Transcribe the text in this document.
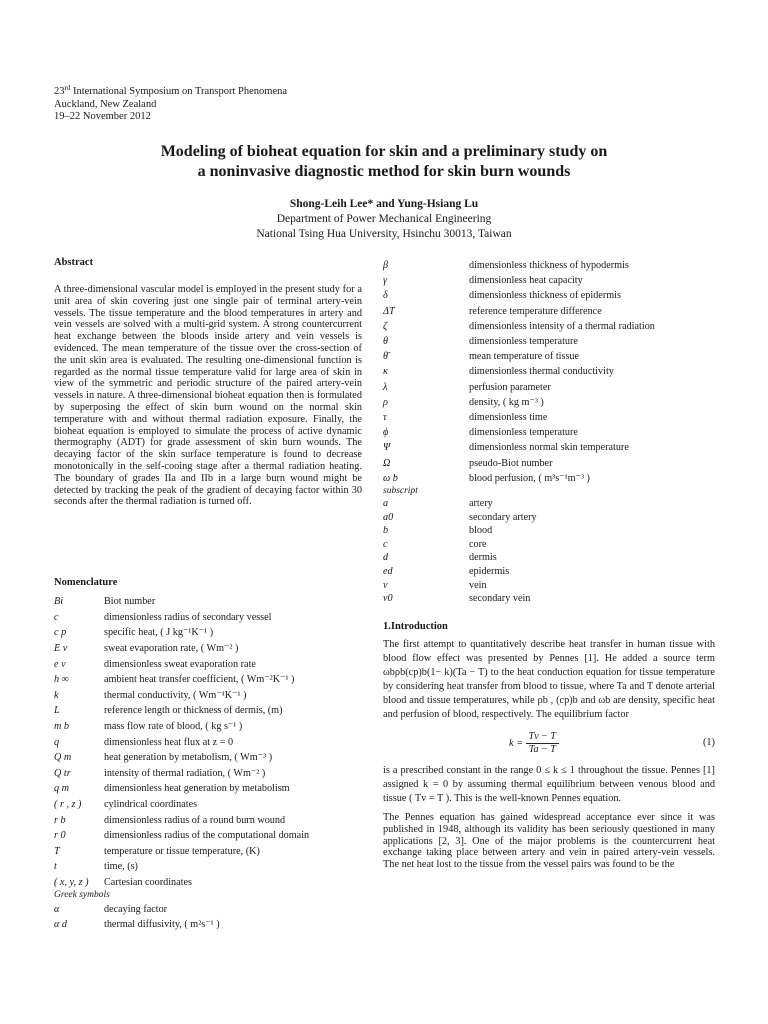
23rd International Symposium on Transport Phenomena
Auckland, New Zealand
19–22 November 2012
Modeling of bioheat equation for skin and a preliminary study on
a noninvasive diagnostic method for skin burn wounds
Shong-Leih Lee* and Yung-Hsiang Lu
Department of Power Mechanical Engineering
National Tsing Hua University, Hsinchu 30013, Taiwan
Abstract
A three-dimensional vascular model is employed in the present study for a unit area of skin covering just one single pair of terminal artery-vein vessels. The tissue temperature and the blood temperatures in artery and vein vessels are solved with a multi-grid system. A strong countercurrent heat exchange between the bloods inside artery and vein vessels is evidenced. The mean temperature of the tissue over the cross-section of the unit skin area is evaluated. The resulting one-dimensional function is regarded as the normal tissue temperature valid for large area of skin in view of the symmetric and periodic structure of the paired artery-vein vessels in nature. A three-dimensional bioheat equation then is formulated by superposing the effect of skin burn wound on the normal skin temperature with and without thermal radiation exposure. Finally, the bioheat equation is employed to simulate the process of active dynamic thermography (ADT) for grade assessment of skin burn wounds. The decaying factor of the skin surface temperature is found to decrease monotonically in the self-cooing stage after a thermal radiation heating. The boundary of grades IIa and IIb in a large burn wound might be detected by tracking the peak of the gradient of decaying factor within 30 seconds after the thermal radiation is turned off.
Nomenclature
Bi	Biot number
c	dimensionless radius of secondary vessel
c p	specific heat, ( J kg⁻¹K⁻¹ )
E v	sweat evaporation rate, ( Wm⁻² )
e v	dimensionless sweat evaporation rate
h ∞	ambient heat transfer coefficient, ( Wm⁻²K⁻¹ )
k	thermal conductivity, ( Wm⁻¹K⁻¹ )
L	reference length or thickness of dermis, (m)
m b	mass flow rate of blood, ( kg s⁻¹ )
q	dimensionless heat flux at z = 0
Q m	heat generation by metabolism, ( Wm⁻³ )
Q tr	intensity of thermal radiation, ( Wm⁻² )
q m	dimensionless heat generation by metabolism
( r , z )	cylindrical coordinates
r b	dimensionless radius of a round burn wound
r 0	dimensionless radius of the computational domain
T	temperature or tissue temperature, (K)
t	time, (s)
( x, y, z )	Cartesian coordinates
Greek symbols
α	decaying factor
α d	thermal diffusivity, ( m²s⁻¹ )
β	dimensionless thickness of hypodermis
γ	dimensionless heat capacity
δ	dimensionless thickness of epidermis
ΔT	reference temperature difference
ζ	dimensionless intensity of a thermal radiation
θ	dimensionless temperature
θ̄	mean temperature of tissue
κ	dimensionless thermal conductivity
λ	perfusion parameter
ρ	density, ( kg m⁻³ )
τ	dimensionless time
ϕ	dimensionless temperature
Ψ	dimensionless normal skin temperature
Ω	pseudo-Biot number
ω b	blood perfusion, ( m³s⁻¹m⁻³ )
subscript
a	artery
a0	secondary artery
b	blood
c	core
d	dermis
ed	epidermis
v	vein
v0	secondary vein
1.Introduction

The first attempt to quantitatively describe heat transfer in human tissue with blood flow effect was presented by Pennes [1]. He added a source term ωbρb(cp)b(1− k)(Ta − T) to the heat conduction equation for tissue temperature by considering heat transfer from blood to tissue, where Ta and T denote arterial blood and tissue temperatures, while ρb , (cp)b and ωb are density, specific heat and perfusion of blood, respectively. The equilibrium factor

$k = \frac{Tv - T}{Ta - T}$	(1)

is a prescribed constant in the range 0 ≤ k ≤ 1 throughout the tissue. Pennes [1] assigned k = 0 by assuming thermal equilibrium between venous blood and tissue ( Tv = T ). This is the well-known Pennes equation.

The Pennes equation has gained widespread acceptance ever since it was published in 1948, although its validity has been seriously questioned in many applications [2, 3]. One of the major problems is the countercurrent heat exchange taking place between artery and vein in paired artery-vein vessels. The net heat lost to the tissue from the vessel pairs was found to be the
